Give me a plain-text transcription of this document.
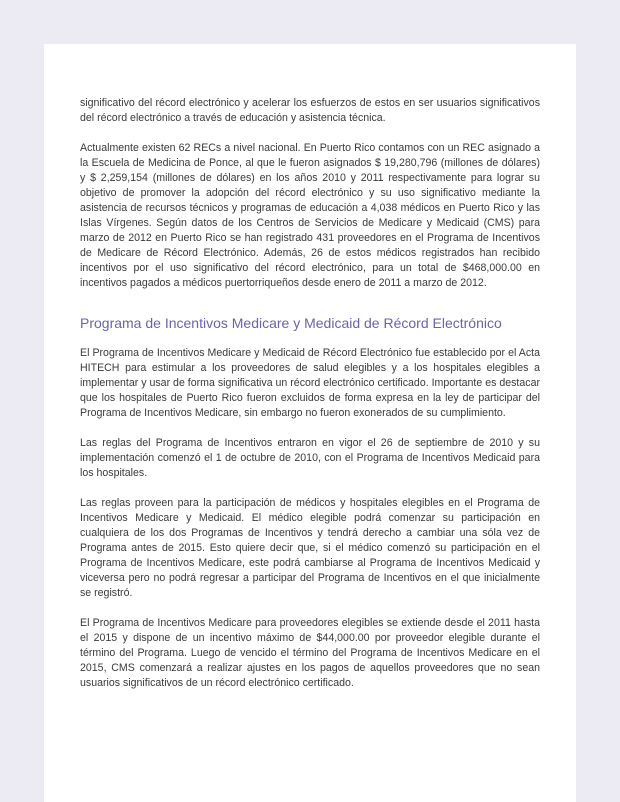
significativo del récord electrónico y acelerar los esfuerzos de estos en ser usuarios significativos del récord electrónico a través de educación y asistencia técnica.

Actualmente existen 62 RECs a nivel nacional. En Puerto Rico contamos con un REC asignado a la Escuela de Medicina de Ponce, al que le fueron asignados $ 19,280,796 (millones de dólares) y $ 2,259,154 (millones de dólares) en los años 2010 y 2011 respectivamente para lograr su objetivo de promover la adopción del récord electrónico y su uso significativo mediante la asistencia de recursos técnicos y programas de educación a 4,038 médicos en Puerto Rico y las Islas Vírgenes. Según datos de los Centros de Servicios de Medicare y Medicaid (CMS) para marzo de 2012 en Puerto Rico se han registrado 431 proveedores en el Programa de Incentivos de Medicare de Récord Electrónico. Además, 26 de estos médicos registrados han recibido incentivos por el uso significativo del récord electrónico, para un total de $468,000.00 en incentivos pagados a médicos puertorriqueños desde enero de 2011 a marzo de 2012.

Programa de Incentivos Medicare y Medicaid de Récord Electrónico

El Programa de Incentivos Medicare y Medicaid de Récord Electrónico fue establecido por el Acta HITECH para estimular a los proveedores de salud elegibles y a los hospitales elegibles a implementar y usar de forma significativa un récord electrónico certificado. Importante es destacar que los hospitales de Puerto Rico fueron excluidos de forma expresa en la ley de participar del Programa de Incentivos Medicare, sin embargo no fueron exonerados de su cumplimiento.

Las reglas del Programa de Incentivos entraron en vigor el 26 de septiembre de 2010 y su implementación comenzó el 1 de octubre de 2010, con el Programa de Incentivos Medicaid para los hospitales.

Las reglas proveen para la participación de médicos y hospitales elegibles en el Programa de Incentivos Medicare y Medicaid. El médico elegible podrá comenzar su participación en cualquiera de los dos Programas de Incentivos y tendrá derecho a cambiar una sóla vez de Programa antes de 2015. Esto quiere decir que, si el médico comenzó su participación en el Programa de Incentivos Medicare, este podrá cambiarse al Programa de Incentivos Medicaid y viceversa pero no podrá regresar a participar del Programa de Incentivos en el que inicialmente se registró.

El Programa de Incentivos Medicare para proveedores elegibles se extiende desde el 2011 hasta el 2015 y dispone de un incentivo máximo de $44,000.00 por proveedor elegible durante el término del Programa. Luego de vencido el término del Programa de Incentivos Medicare en el 2015, CMS comenzará a realizar ajustes en los pagos de aquellos proveedores que no sean usuarios significativos de un récord electrónico certificado.
